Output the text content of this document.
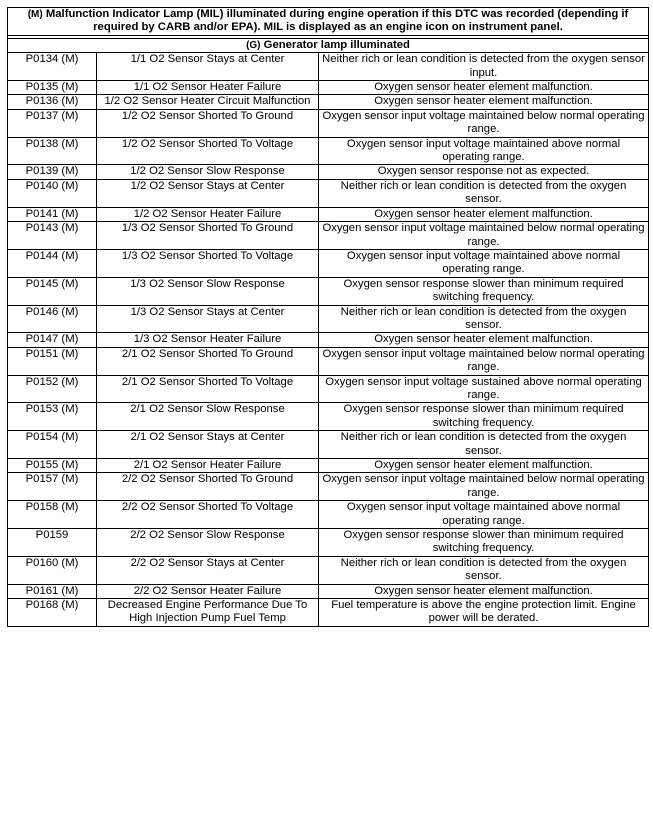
(M) Malfunction Indicator Lamp (MIL) illuminated during engine operation if this DTC was recorded (depending if required by CARB and/or EPA). MIL is displayed as an engine icon on instrument panel.		

(G) Generator lamp illuminated		
P0134 (M)	1/1 O2 Sensor Stays at Center	Neither rich or lean condition is detected from the oxygen sensor input.
P0135 (M)	1/1 O2 Sensor Heater Failure	Oxygen sensor heater element malfunction.
P0136 (M)	1/2 O2 Sensor Heater Circuit Malfunction	Oxygen sensor heater element malfunction.
P0137 (M)	1/2 O2 Sensor Shorted To Ground	Oxygen sensor input voltage maintained below normal operating range.
P0138 (M)	1/2 O2 Sensor Shorted To Voltage	Oxygen sensor input voltage maintained above normal operating range.
P0139 (M)	1/2 O2 Sensor Slow Response	Oxygen sensor response not as expected.
P0140 (M)	1/2 O2 Sensor Stays at Center	Neither rich or lean condition is detected from the oxygen sensor.
P0141 (M)	1/2 O2 Sensor Heater Failure	Oxygen sensor heater element malfunction.
P0143 (M)	1/3 O2 Sensor Shorted To Ground	Oxygen sensor input voltage maintained below normal operating range.
P0144 (M)	1/3 O2 Sensor Shorted To Voltage	Oxygen sensor input voltage maintained above normal operating range.
P0145 (M)	1/3 O2 Sensor Slow Response	Oxygen sensor response slower than minimum required switching frequency.
P0146 (M)	1/3 O2 Sensor Stays at Center	Neither rich or lean condition is detected from the oxygen sensor.
P0147 (M)	1/3 O2 Sensor Heater Failure	Oxygen sensor heater element malfunction.
P0151 (M)	2/1 O2 Sensor Shorted To Ground	Oxygen sensor input voltage maintained below normal operating range.
P0152 (M)	2/1 O2 Sensor Shorted To Voltage	Oxygen sensor input voltage sustained above normal operating range.
P0153 (M)	2/1 O2 Sensor Slow Response	Oxygen sensor response slower than minimum required switching frequency.
P0154 (M)	2/1 O2 Sensor Stays at Center	Neither rich or lean condition is detected from the oxygen sensor.
P0155 (M)	2/1 O2 Sensor Heater Failure	Oxygen sensor heater element malfunction.
P0157 (M)	2/2 O2 Sensor Shorted To Ground	Oxygen sensor input voltage maintained below normal operating range.
P0158 (M)	2/2 O2 Sensor Shorted To Voltage	Oxygen sensor input voltage maintained above normal operating range.
P0159	2/2 O2 Sensor Slow Response	Oxygen sensor response slower than minimum required switching frequency.
P0160 (M)	2/2 O2 Sensor Stays at Center	Neither rich or lean condition is detected from the oxygen sensor.
P0161 (M)	2/2 O2 Sensor Heater Failure	Oxygen sensor heater element malfunction.
P0168 (M)	Decreased Engine Performance Due To High Injection Pump Fuel Temp	Fuel temperature is above the engine protection limit. Engine power will be derated.
